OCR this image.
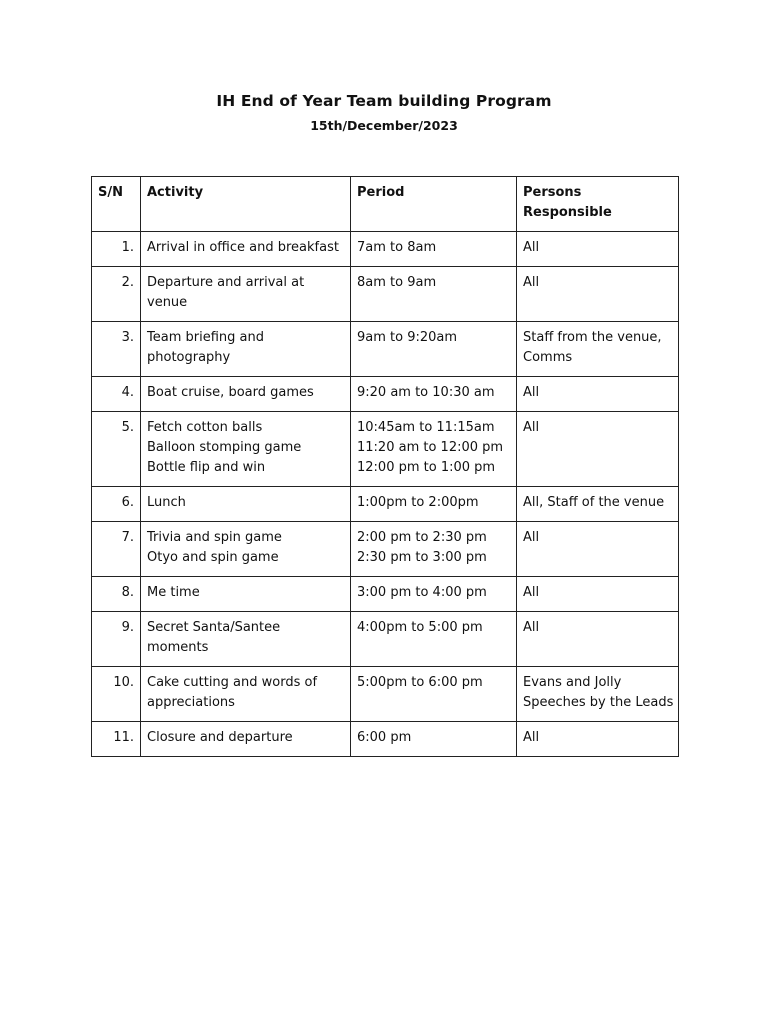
IH End of Year Team building Program
15th/December/2023
S/N	Activity	Period	Persons Responsible
1.	Arrival in office and breakfast	7am to 8am	All

2.	Departure and arrival at venue	8am to 9am	All

3.	Team briefing and photography	9am to 9:20am	Staff from the venue, Comms

4.	Boat cruise, board games	9:20 am to 10:30 am	All

5.	Fetch cotton balls
Balloon stomping game
Bottle flip and win	10:45am to 11:15am
11:20 am to 12:00 pm
12:00 pm to 1:00 pm	All

6.	Lunch	1:00pm to 2:00pm	All, Staff of the venue

7.	Trivia and spin game
Otyo and spin game	2:00 pm to 2:30 pm
2:30 pm to 3:00 pm	All

8.	Me time	3:00 pm to 4:00 pm	All

9.	Secret Santa/Santee moments	4:00pm to 5:00 pm	All

10.	Cake cutting and words of appreciations	5:00pm to 6:00 pm	Evans and Jolly
Speeches by the Leads

11.	Closure and departure	6:00 pm	All
